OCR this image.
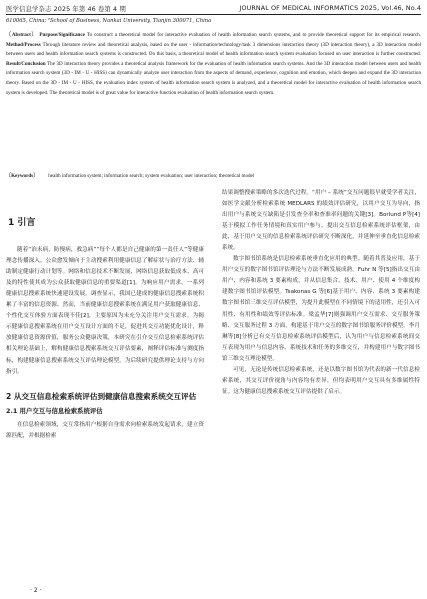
医学信息学杂志 2025 年第 46 卷第 4 期	JOURNAL OF MEDICAL INFORMATICS 2025, Vol.46, No.4
610065, China; ²School of Business, Nankai University, Tianjin 300071, China
〔Abstract〕 Purpose/Significance To construct a theoretical model for interactive evaluation of health information search systems, and to provide theoretical support for its empirical research. Method/Process Through literature review and theoretical analysis, based on the user - information/technology/task 3 dimensions interaction theory (3D interaction theory), a 3D interaction model between users and health information search systems is constructed. On this basis, a theoretical model of health information search system evaluation focused on user interaction is further constructed. Result/Conclusion The 3D interaction theory provides a theoretical analysis framework for the evaluation of health information search systems. And the 3D interaction model between users and health information search system (3D - IM - U - HISS) can dynamically analyze user interaction from the aspects of demand, experience, cognition and emotion, which deepen and expand the 3D interaction theory. Based on the 3D - IM - U - HISS, the evaluation index system of health information search system is analyzed, and a theoretical model for interactive evaluation of health information search system is developed. The theoretical model is of great value for interactive function evaluation of health information search system.
〔Keywords〕 health information system; information search; system evaluation; user interaction; theoretical model
1 引言

随着“治未病，防慢病，救急病”“每个人都是自己健康的第一责任人”等健康理念传播深入，公众愈发倾向于主动搜索利用健康信息了解症状与治疗方法、辅助制定健康行动计划等。网络和信息技术不断发展，网络信息获取低成本、高可及的特性使其成为公众获取健康信息的重要渠道[1]。为响应用户需求，一系列健康信息搜索系统快速建设发展。调查显示，我国已建成的健康信息搜索系统积累了丰富的信息资源。然而，当前健康信息搜索系统在满足用户获取健康信息、个性化交互体验方面表现不佳[2]，主要原因为未充分关注用户交互需求。为揭示健康信息搜索系统在用户交互设计方面的不足，促进其交互功能优化设计，释放健康信息资源价值，服务公众健康决策，本研究在引介交互信息检索系统评估相关理论基础上，解构健康信息搜索系统交互评估要素，阐释评估标准与测度指标，构建健康信息搜索系统交互评估理论模型，为后续研究提供理论支持与方向指引。

2 从交互信息检索系统评估到健康信息搜索系统交互评估
2.1 用户交互与信息检索系统评估

在信息检索领域，交互常指用户根据自身需求向检索系统发起请求，建立资源匹配，并根据检索

结果调整搜索策略的多次迭代过程。“用户 – 系统”交互问题很早就受学者关注，如医学文献分析检索系统 MEDLARS 的绩效评估研究，以用户交互为导向，指出用户与系统交互缺陷是引发查全率和查准率问题的关键[3]。Borlund P等[4]基于模拟工作任务情境和真实用户参与，提出交互信息检索系统评估框架，由此，基于用户交互的信息检索系统评估研究不断深化，并延伸至垂直化信息检索系统。

数字图书馆系统是信息检索系统垂直化应用的典型。随着其普及应用，基于用户交互的数字图书馆评估理论与方法不断发展成熟。Fuhr N 等[5]指出交互由用户、内容和系统 3 要素构成，并从信息集合、技术、用户、使用 4 个维度构建数字图书馆评估模型。Tsakonas G 等[6]基于用户、内容、系统 3 要素构建数字图书馆三维交互评估模型，为提升此模型在不同情境下的适用性，还引入可用性、有用性和绩效等评估标准。梁孟华[7]则强调用户交互需求、交互服务策略、交互服务过程 3 方面，构建基于用户交互的数字图书馆服务评价模型。李月琳等[8]分析已有交互信息检索系统评估模型后，认为用户与信息检索系统间交互表现为用户与信息内容、系统技术和任务的多维交互，并构建用户与数字图书馆三维交互理论模型。

可见，无论是传统信息检索系统，还是以数字图书馆为代表的新一代信息检索系统，其交互评价视角与内容均有差异，但均表明用户交互具有多维属性特征。这为健康信息搜索系统交互评估提供了启示。

· 2 ·
